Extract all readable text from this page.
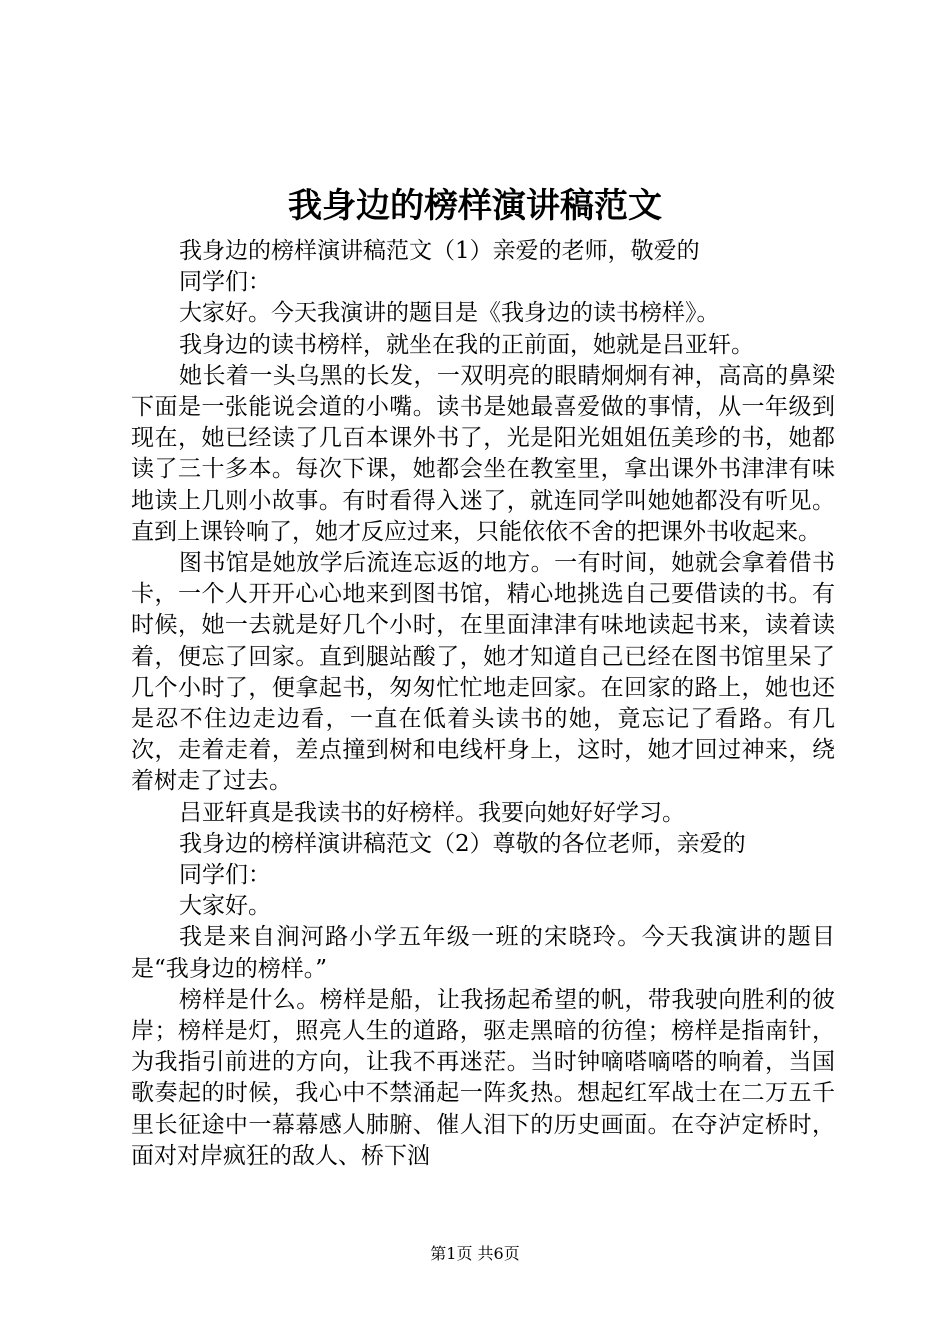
我身边的榜样演讲稿范文

我身边的榜样演讲稿范文（1）亲爱的老师，敬爱的

同学们：

大家好。今天我演讲的题目是《我身边的读书榜样》。

我身边的读书榜样，就坐在我的正前面，她就是吕亚轩。

她长着一头乌黑的长发，一双明亮的眼睛炯炯有神，高高的鼻梁下面是一张能说会道的小嘴。读书是她最喜爱做的事情，从一年级到现在，她已经读了几百本课外书了，光是阳光姐姐伍美珍的书，她都读了三十多本。每次下课，她都会坐在教室里，拿出课外书津津有味地读上几则小故事。有时看得入迷了，就连同学叫她她都没有听见。直到上课铃响了，她才反应过来，只能依依不舍的把课外书收起来。

图书馆是她放学后流连忘返的地方。一有时间，她就会拿着借书卡，一个人开开心心地来到图书馆，精心地挑选自己要借读的书。有时候，她一去就是好几个小时，在里面津津有味地读起书来，读着读着，便忘了回家。直到腿站酸了，她才知道自己已经在图书馆里呆了几个小时了，便拿起书，匆匆忙忙地走回家。在回家的路上，她也还是忍不住边走边看，一直在低着头读书的她，竟忘记了看路。有几次，走着走着，差点撞到树和电线杆身上，这时，她才回过神来，绕着树走了过去。

吕亚轩真是我读书的好榜样。我要向她好好学习。

我身边的榜样演讲稿范文（2）尊敬的各位老师，亲爱的

同学们：

大家好。

我是来自涧河路小学五年级一班的宋晓玲。今天我演讲的题目是“我身边的榜样。”

榜样是什么。榜样是船，让我扬起希望的帆，带我驶向胜利的彼岸；榜样是灯，照亮人生的道路，驱走黑暗的彷徨；榜样是指南针，为我指引前进的方向，让我不再迷茫。当时钟嘀嗒嘀嗒的响着，当国歌奏起的时候，我心中不禁涌起一阵炙热。想起红军战士在二万五千里长征途中一幕幕感人肺腑、催人泪下的历史画面。在夺泸定桥时，面对对岸疯狂的敌人、桥下汹

第1页 共6页
